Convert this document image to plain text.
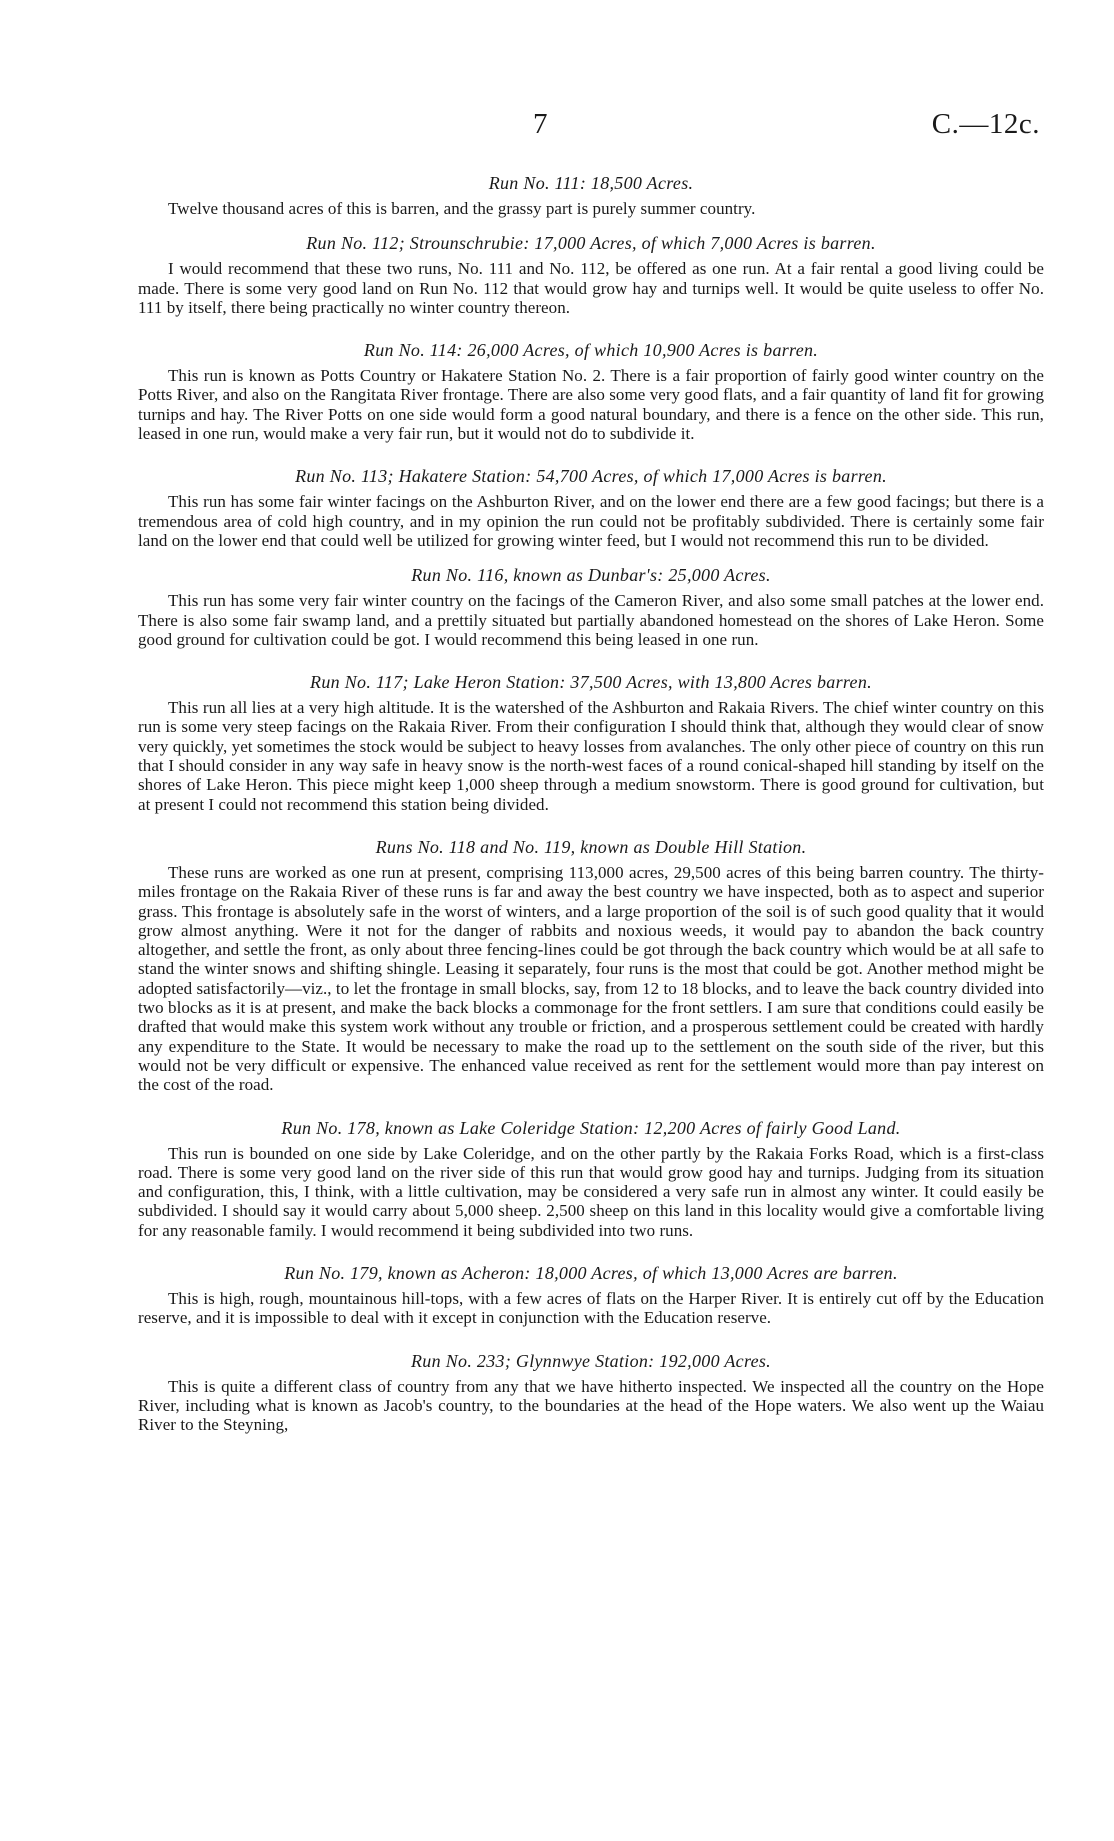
7	C.—12c.

Run No. 111: 18,500 Acres.

Twelve thousand acres of this is barren, and the grassy part is purely summer country.

Run No. 112; Strounschrubie: 17,000 Acres, of which 7,000 Acres is barren.

I would recommend that these two runs, No. 111 and No. 112, be offered as one run. At a fair rental a good living could be made. There is some very good land on Run No. 112 that would grow hay and turnips well. It would be quite useless to offer No. 111 by itself, there being practically no winter country thereon.

Run No. 114: 26,000 Acres, of which 10,900 Acres is barren.

This run is known as Potts Country or Hakatere Station No. 2. There is a fair proportion of fairly good winter country on the Potts River, and also on the Rangitata River frontage. There are also some very good flats, and a fair quantity of land fit for growing turnips and hay. The River Potts on one side would form a good natural boundary, and there is a fence on the other side. This run, leased in one run, would make a very fair run, but it would not do to subdivide it.

Run No. 113; Hakatere Station: 54,700 Acres, of which 17,000 Acres is barren.

This run has some fair winter facings on the Ashburton River, and on the lower end there are a few good facings; but there is a tremendous area of cold high country, and in my opinion the run could not be profitably subdivided. There is certainly some fair land on the lower end that could well be utilized for growing winter feed, but I would not recommend this run to be divided.

Run No. 116, known as Dunbar's: 25,000 Acres.

This run has some very fair winter country on the facings of the Cameron River, and also some small patches at the lower end. There is also some fair swamp land, and a prettily situated but partially abandoned homestead on the shores of Lake Heron. Some good ground for cultivation could be got. I would recommend this being leased in one run.

Run No. 117; Lake Heron Station: 37,500 Acres, with 13,800 Acres barren.

This run all lies at a very high altitude. It is the watershed of the Ashburton and Rakaia Rivers. The chief winter country on this run is some very steep facings on the Rakaia River. From their configuration I should think that, although they would clear of snow very quickly, yet sometimes the stock would be subject to heavy losses from avalanches. The only other piece of country on this run that I should consider in any way safe in heavy snow is the north-west faces of a round conical-shaped hill standing by itself on the shores of Lake Heron. This piece might keep 1,000 sheep through a medium snowstorm. There is good ground for cultivation, but at present I could not recommend this station being divided.

Runs No. 118 and No. 119, known as Double Hill Station.

These runs are worked as one run at present, comprising 113,000 acres, 29,500 acres of this being barren country. The thirty-miles frontage on the Rakaia River of these runs is far and away the best country we have inspected, both as to aspect and superior grass. This frontage is absolutely safe in the worst of winters, and a large proportion of the soil is of such good quality that it would grow almost anything. Were it not for the danger of rabbits and noxious weeds, it would pay to abandon the back country altogether, and settle the front, as only about three fencing-lines could be got through the back country which would be at all safe to stand the winter snows and shifting shingle. Leasing it separately, four runs is the most that could be got. Another method might be adopted satisfactorily—viz., to let the frontage in small blocks, say, from 12 to 18 blocks, and to leave the back country divided into two blocks as it is at present, and make the back blocks a commonage for the front settlers. I am sure that conditions could easily be drafted that would make this system work without any trouble or friction, and a prosperous settlement could be created with hardly any expenditure to the State. It would be necessary to make the road up to the settlement on the south side of the river, but this would not be very difficult or expensive. The enhanced value received as rent for the settlement would more than pay interest on the cost of the road.

Run No. 178, known as Lake Coleridge Station: 12,200 Acres of fairly Good Land.

This run is bounded on one side by Lake Coleridge, and on the other partly by the Rakaia Forks Road, which is a first-class road. There is some very good land on the river side of this run that would grow good hay and turnips. Judging from its situation and configuration, this, I think, with a little cultivation, may be considered a very safe run in almost any winter. It could easily be subdivided. I should say it would carry about 5,000 sheep. 2,500 sheep on this land in this locality would give a comfortable living for any reasonable family. I would recommend it being subdivided into two runs.

Run No. 179, known as Acheron: 18,000 Acres, of which 13,000 Acres are barren.

This is high, rough, mountainous hill-tops, with a few acres of flats on the Harper River. It is entirely cut off by the Education reserve, and it is impossible to deal with it except in conjunction with the Education reserve.

Run No. 233; Glynnwye Station: 192,000 Acres.

This is quite a different class of country from any that we have hitherto inspected. We inspected all the country on the Hope River, including what is known as Jacob's country, to the boundaries at the head of the Hope waters. We also went up the Waiau River to the Steyning,
